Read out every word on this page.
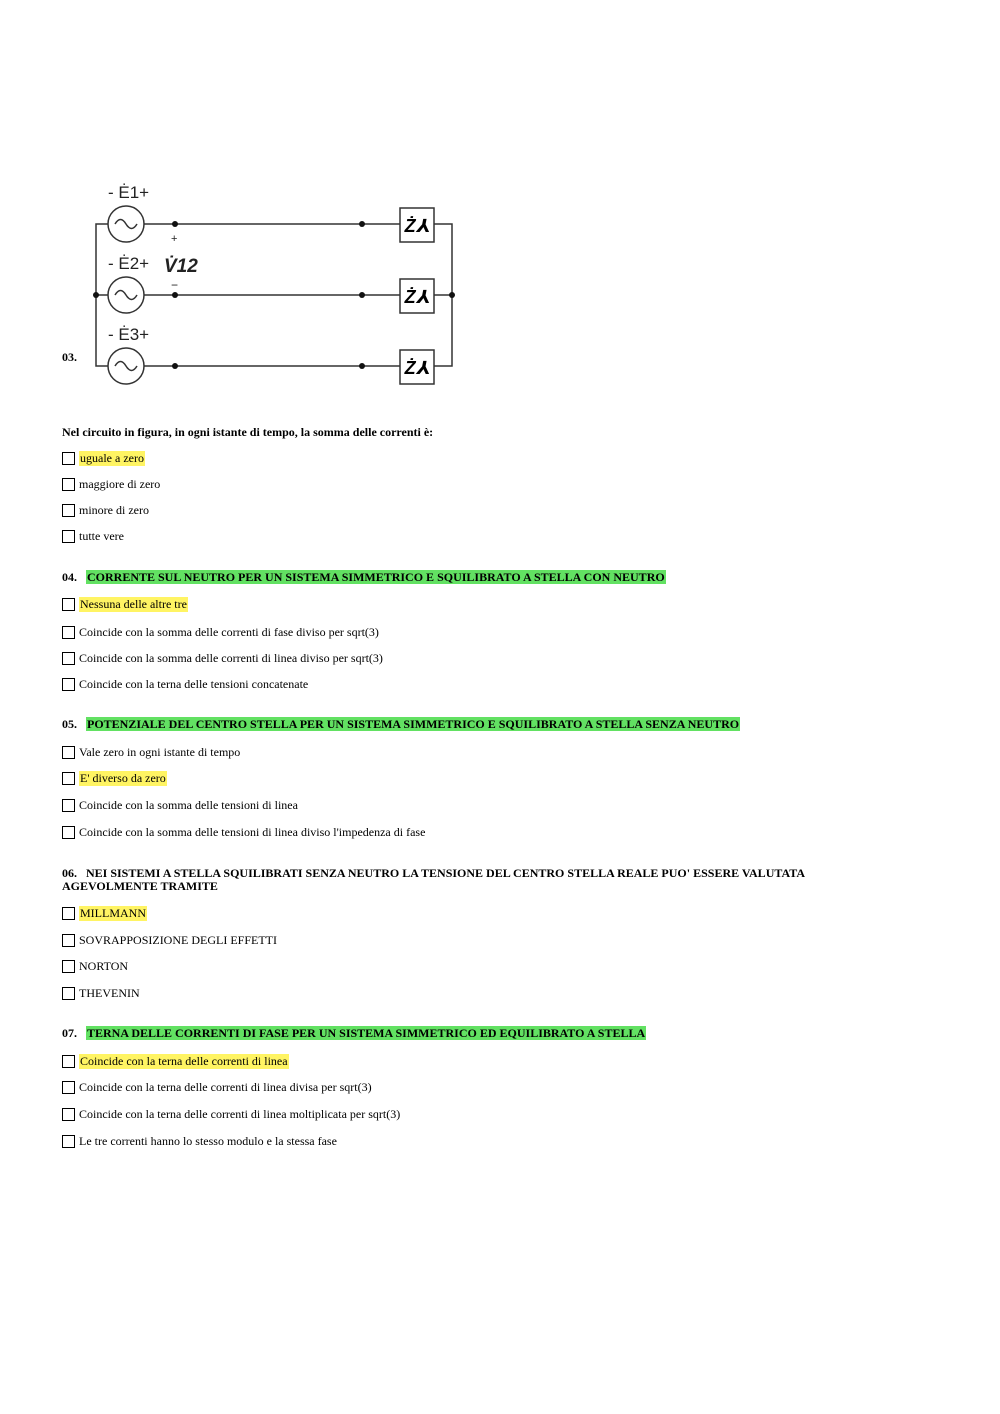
03.
Ż⅄
Ż⅄
Ż⅄
- Ė1+
- Ė2+
- Ė3+
+
−
V̇12
Nel circuito in figura, in ogni istante di tempo, la somma delle correnti è:
uguale a zero
maggiore di zero
minore di zero
tutte vere
04. CORRENTE SUL NEUTRO PER UN SISTEMA SIMMETRICO E SQUILIBRATO A STELLA CON NEUTRO
Nessuna delle altre tre
Coincide con la somma delle correnti di fase diviso per sqrt(3)
Coincide con la somma delle correnti di linea diviso per sqrt(3)
Coincide con la terna delle tensioni concatenate
05. POTENZIALE DEL CENTRO STELLA PER UN SISTEMA SIMMETRICO E SQUILIBRATO A STELLA SENZA NEUTRO
Vale zero in ogni istante di tempo
E' diverso da zero
Coincide con la somma delle tensioni di linea
Coincide con la somma delle tensioni di linea diviso l'impedenza di fase
06. NEI SISTEMI A STELLA SQUILIBRATI SENZA NEUTRO LA TENSIONE DEL CENTRO STELLA REALE PUO' ESSERE VALUTATA AGEVOLMENTE TRAMITE
MILLMANN
SOVRAPPOSIZIONE DEGLI EFFETTI
NORTON
THEVENIN
07. TERNA DELLE CORRENTI DI FASE PER UN SISTEMA SIMMETRICO ED EQUILIBRATO A STELLA
Coincide con la terna delle correnti di linea
Coincide con la terna delle correnti di linea divisa per sqrt(3)
Coincide con la terna delle correnti di linea moltiplicata per sqrt(3)
Le tre correnti hanno lo stesso modulo e la stessa fase
